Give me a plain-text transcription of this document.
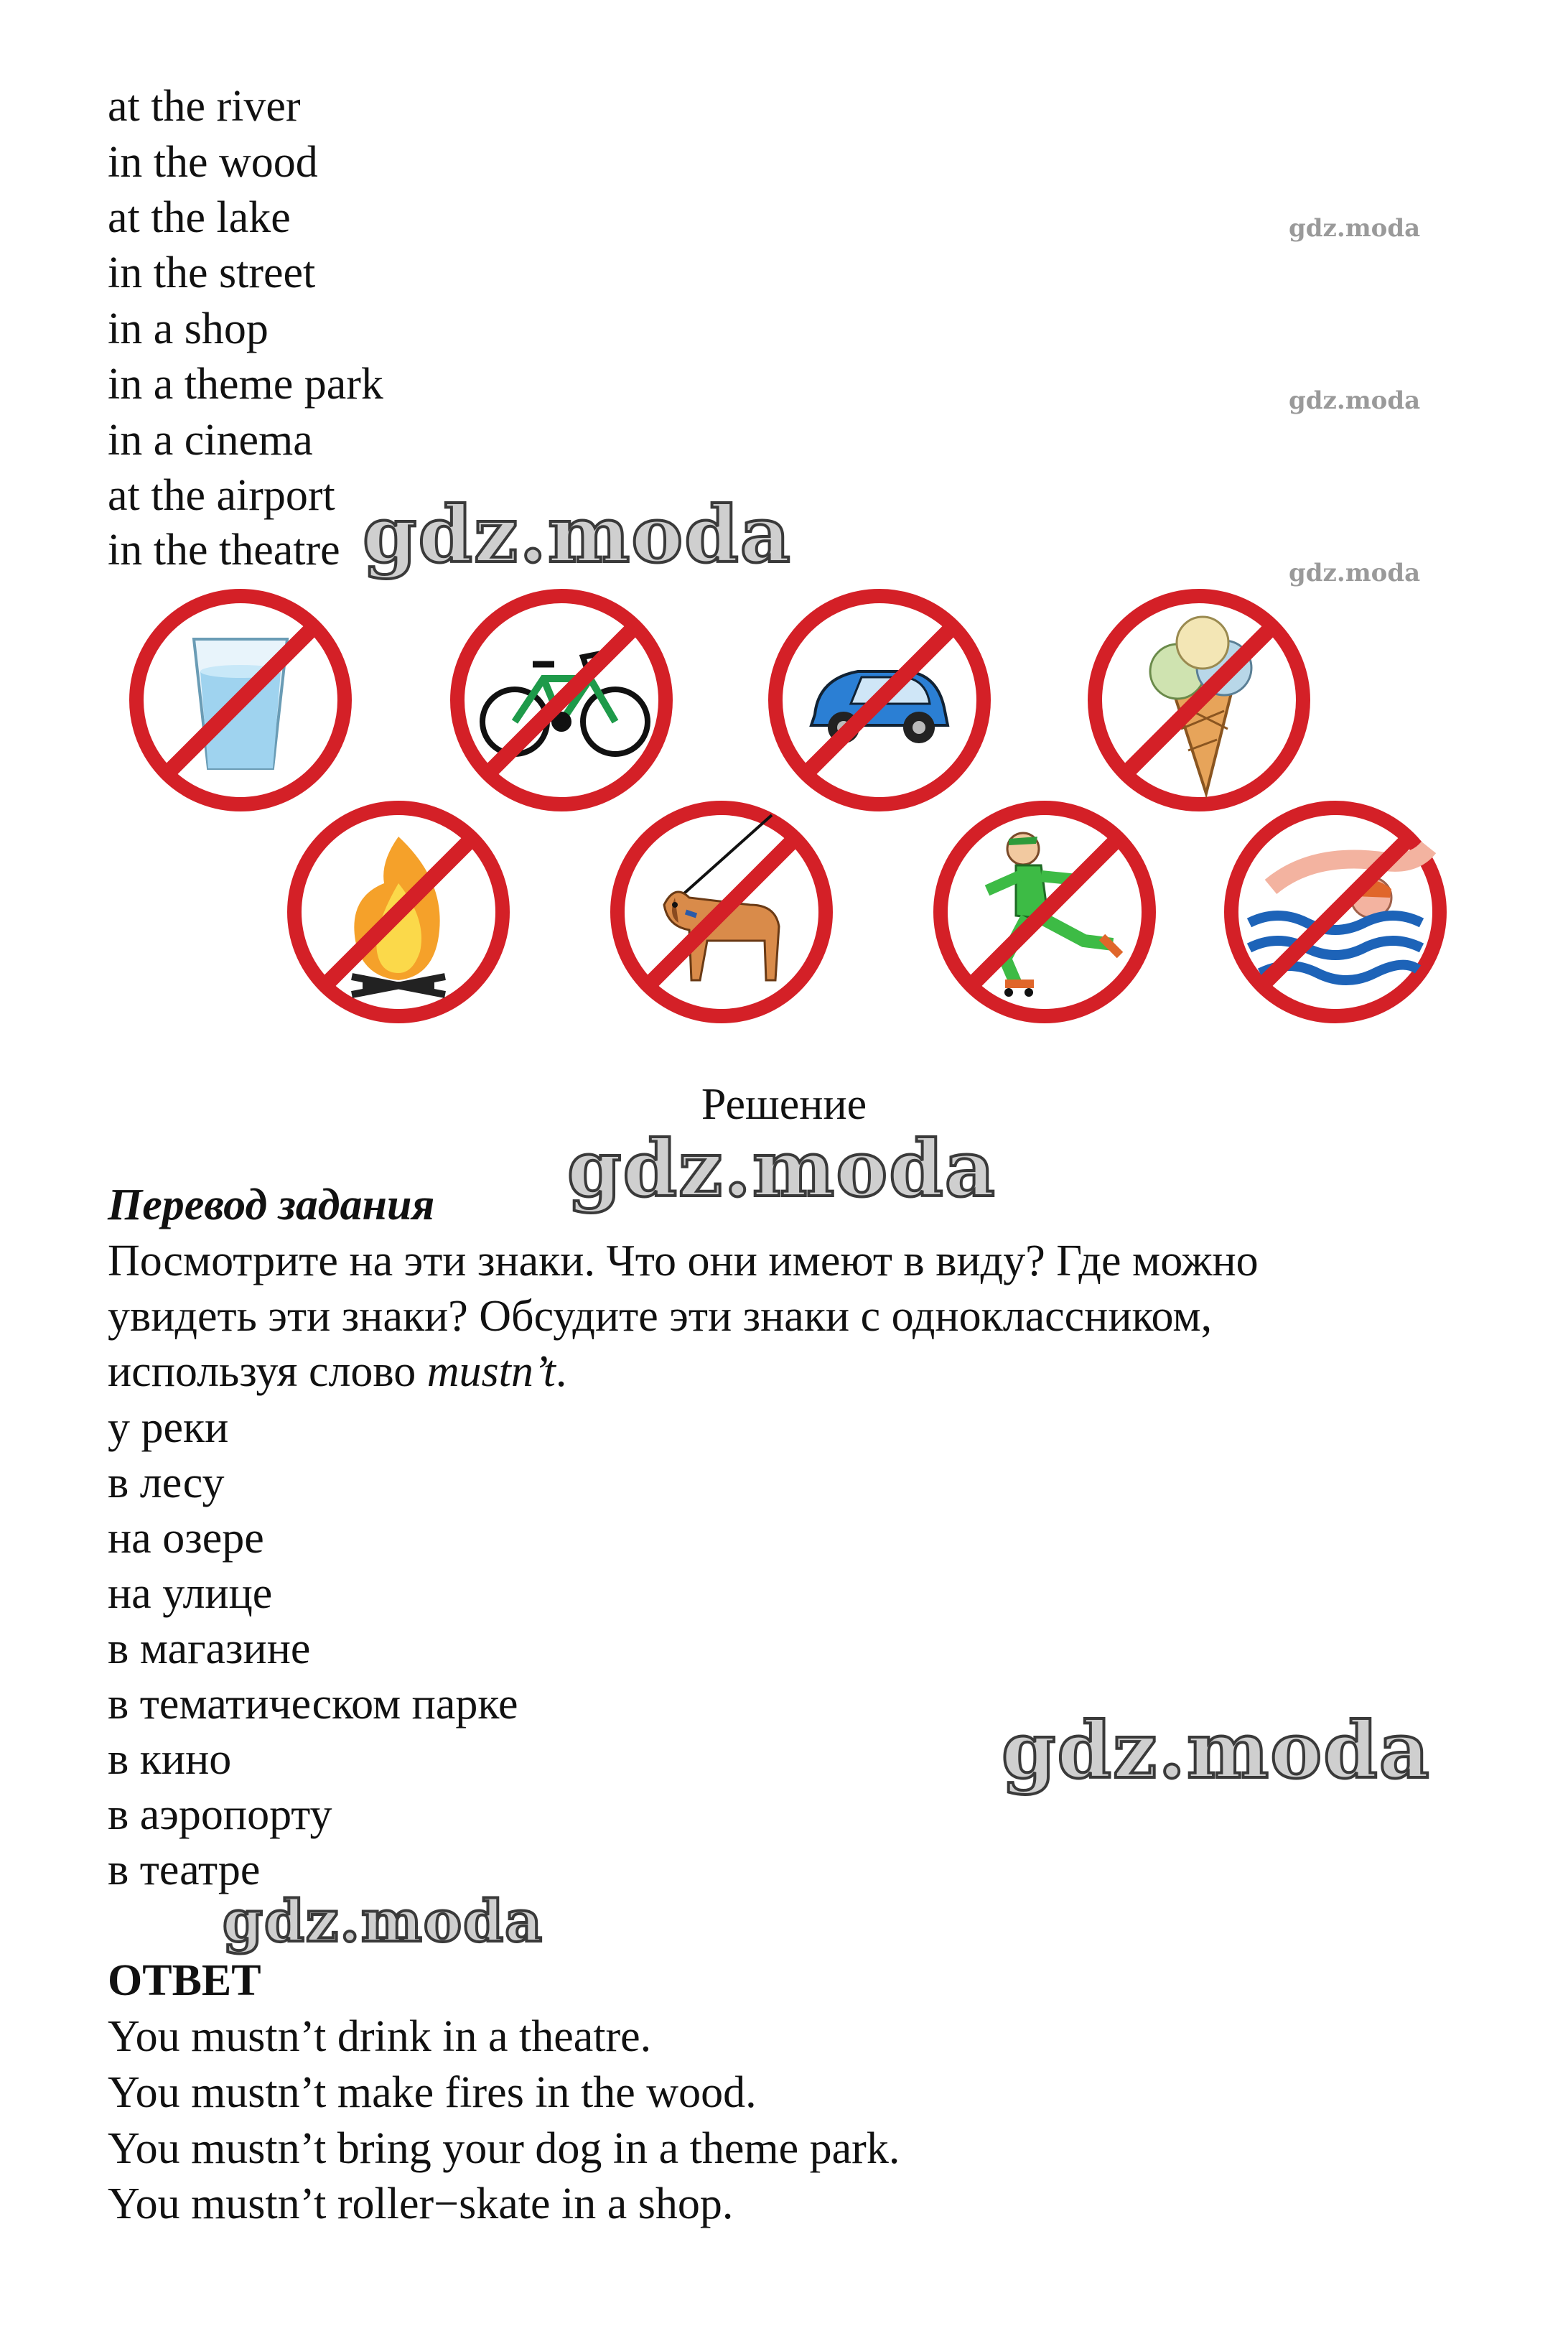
at the river
in the wood
at the lake
in the street
in a shop
in a theme park
in a cinema
at the airport
in the theatre
gdz.moda
gdz.moda
gdz.moda
gdz.moda
gdz.moda
gdz.moda
gdz.moda
Решение
Перевод задания
Посмотрите на эти знаки. Что они имеют в виду? Где можно
увидеть эти знаки? Обсудите эти знаки с одноклассником,
используя слово mustn’t.
у реки
в лесу
на озере
на улице
в магазине
в тематическом парке
в кино
в аэропорту
в театре
ОТВЕТ
You mustn’t drink in a theatre.
You mustn’t make fires in the wood.
You mustn’t bring your dog in a theme park.
You mustn’t roller−skate in a shop.
